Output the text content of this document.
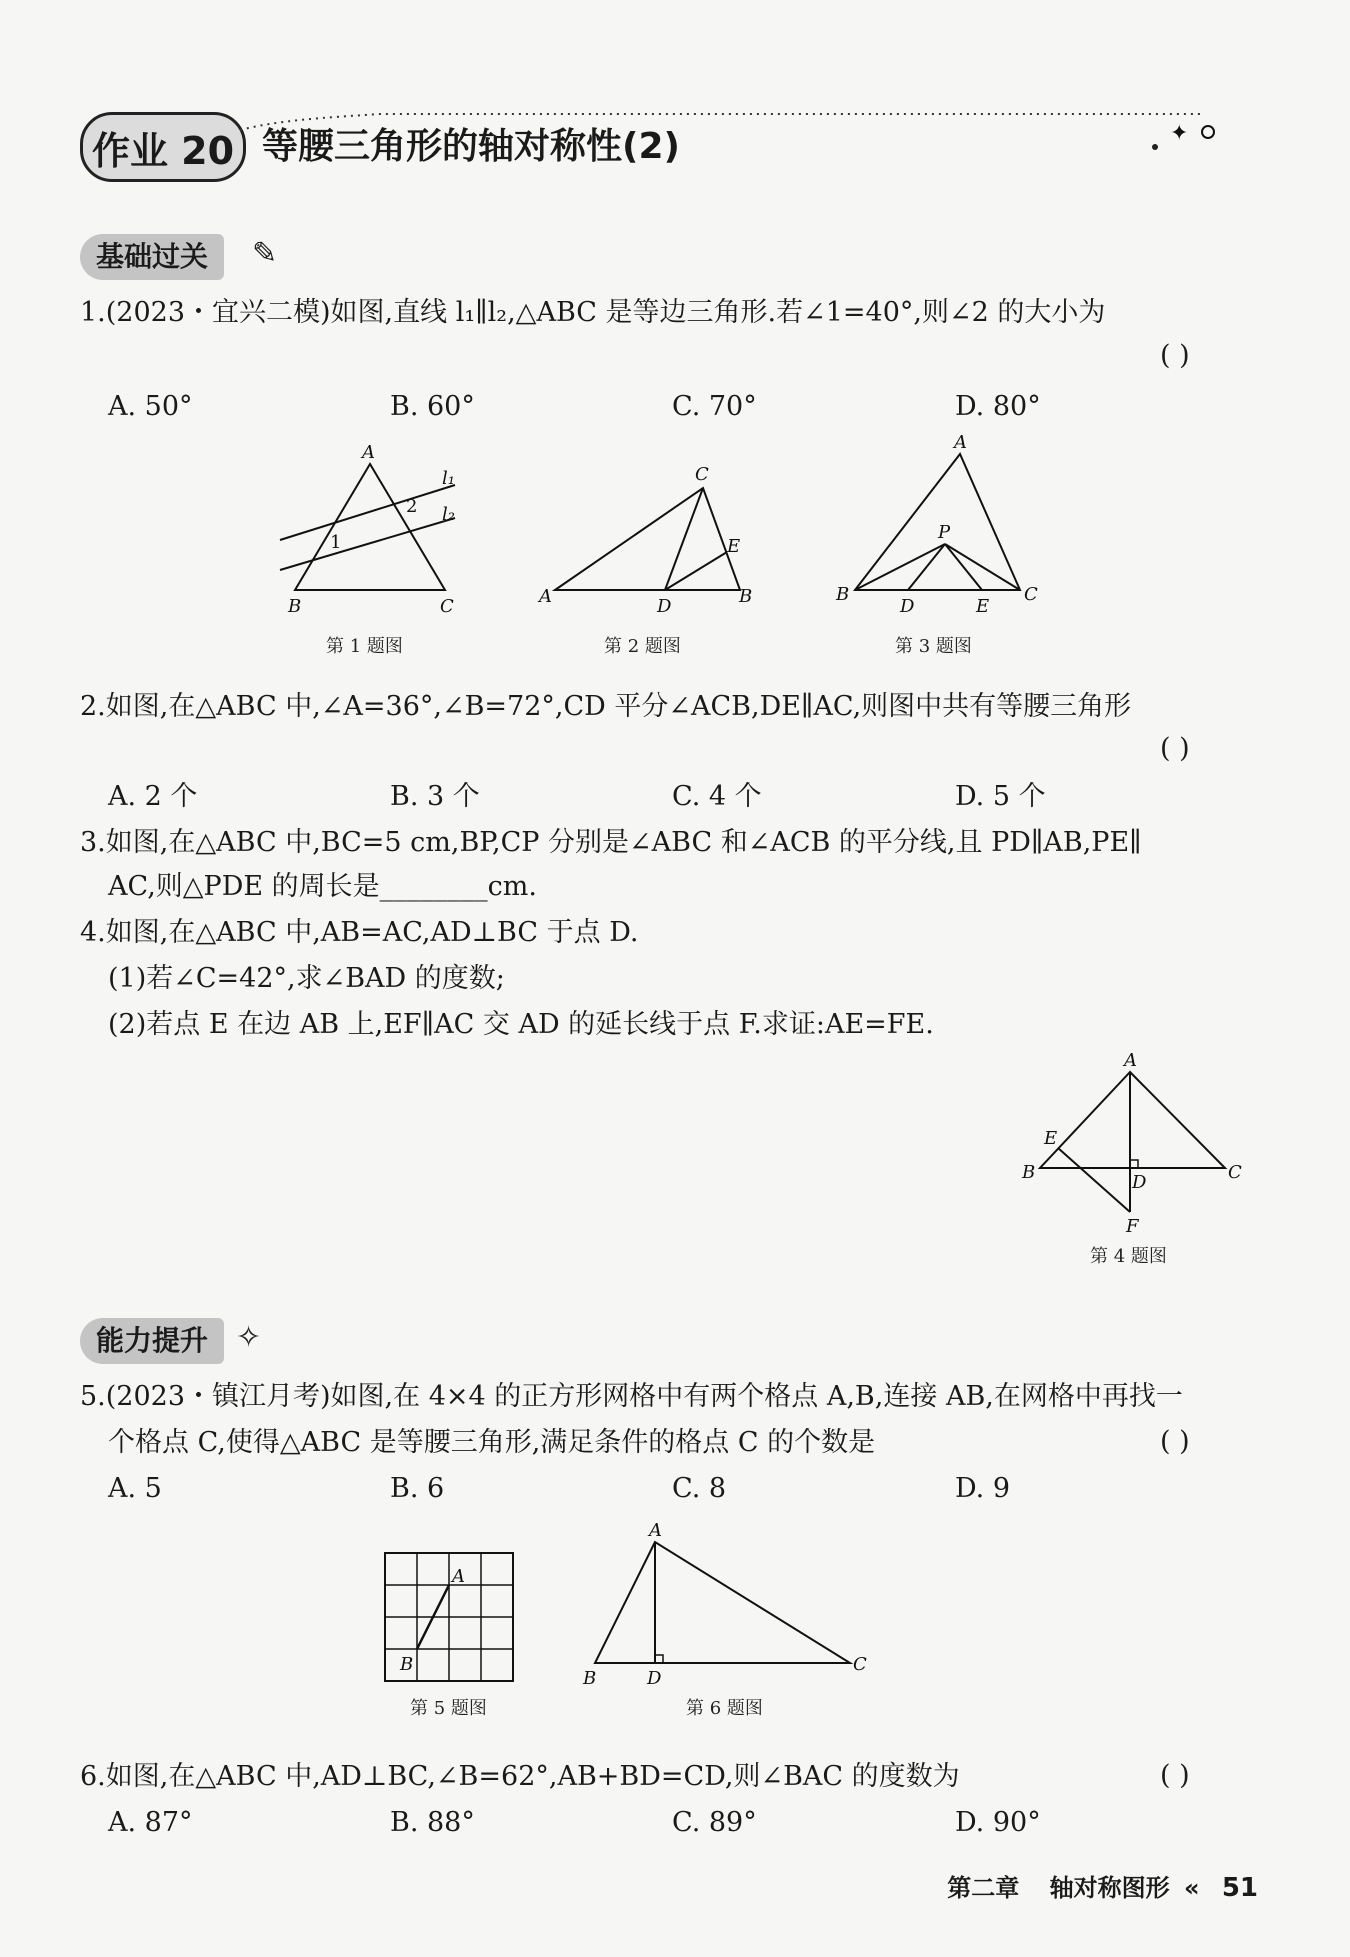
作业 20 等腰三角形的轴对称性(2)	✦
基础过关	✎
1.(2023・宜兴二模)如图,直线 l₁∥l₂,△ABC 是等边三角形.若∠1=40°,则∠2 的大小为
( )
A. 50°	B. 60°	C. 70°	D. 80°
A
B	C
l₁
l₂
1
2
第 1 题图
C
A	B
D
E
第 2 题图
A
B	C
P
D	E
第 3 题图
2.如图,在△ABC 中,∠A=36°,∠B=72°,CD 平分∠ACB,DE∥AC,则图中共有等腰三角形
( )
A. 2 个	B. 3 个	C. 4 个	D. 5 个
3.如图,在△ABC 中,BC=5 cm,BP,CP 分别是∠ABC 和∠ACB 的平分线,且 PD∥AB,PE∥
AC,则△PDE 的周长是________cm.
4.如图,在△ABC 中,AB=AC,AD⊥BC 于点 D.
(1)若∠C=42°,求∠BAD 的度数;
(2)若点 E 在边 AB 上,EF∥AC 交 AD 的延长线于点 F.求证:AE=FE.
A
B	C
D
E
F
第 4 题图
能力提升 ✧
5.(2023・镇江月考)如图,在 4×4 的正方形网格中有两个格点 A,B,连接 AB,在网格中再找一
个格点 C,使得△ABC 是等腰三角形,满足条件的格点 C 的个数是	( )
A. 5	B. 6	C. 8	D. 9
A
B
第 5 题图
A
B
C
D
第 6 题图
6.如图,在△ABC 中,AD⊥BC,∠B=62°,AB+BD=CD,则∠BAC 的度数为	( )
A. 87°	B. 88°	C. 89°	D. 90°
第二章 轴对称图形 « 51
